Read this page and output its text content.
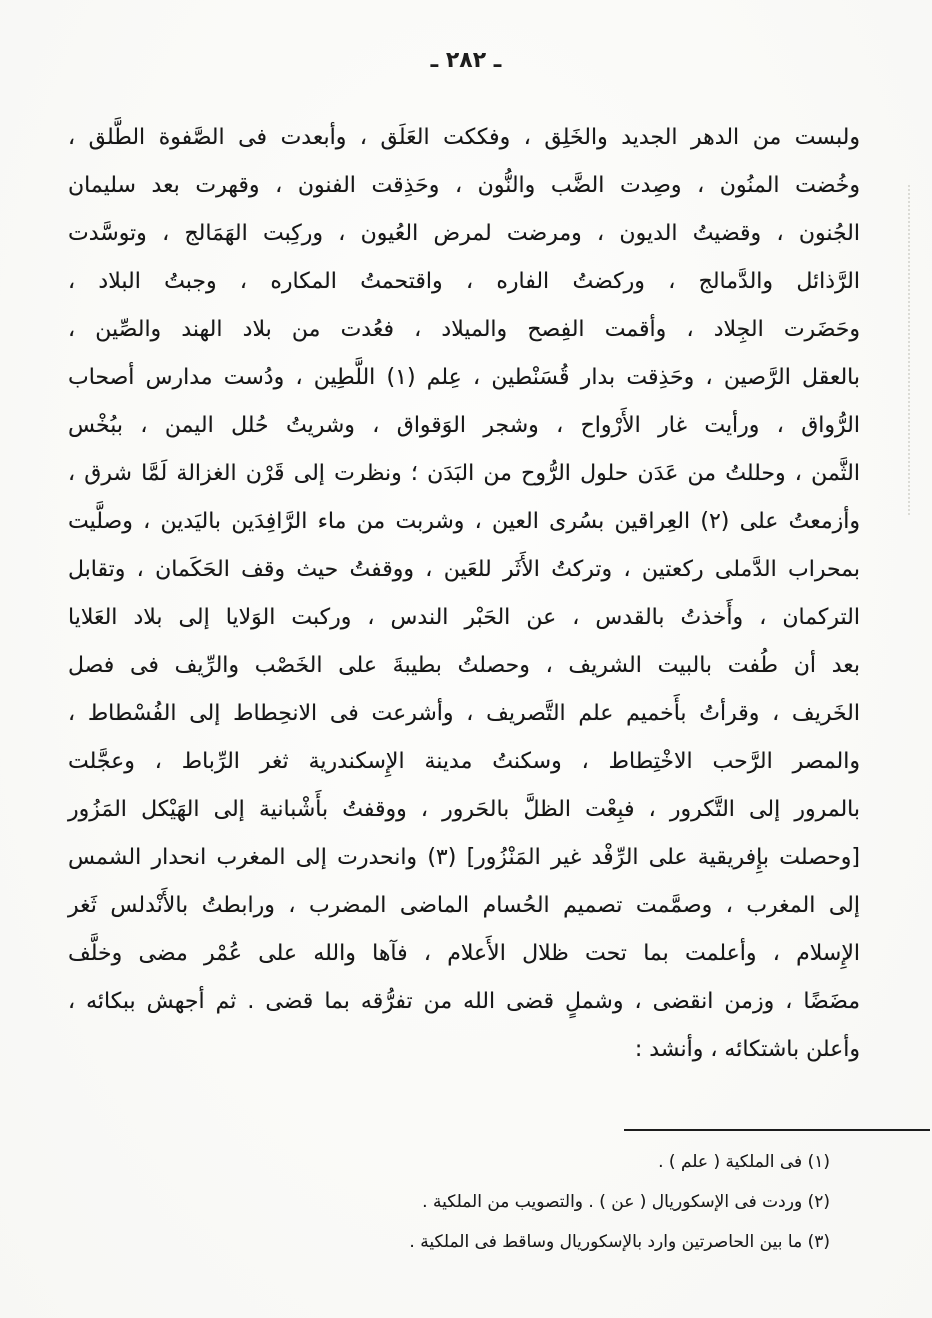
ـ ٢٨٢ ـ
ولبست من الدهر الجديد والخَلِق ، وفككت العَلَق ، وأبعدت فى الصَّفوة الطَّلق ،
وخُضت المنُون ، وصِدت الضَّب والنُّون ، وحَذِقت الفنون ، وقهرت بعد سليمان
الجُنون ، وقضيتُ الديون ، ومرضت لمرض العُيون ، وركِبت الهَمَالج ، وتوسَّدت
الرَّذائل والدَّمالج ، وركضتُ الفاره ، واقتحمتُ المكاره ، وجبتُ البلاد ،
وحَضَرت الجِلاد ، وأقمت الفِصح والميلاد ، فعُدت من بلاد الهند والصِّين ،
بالعقل الرَّصين ، وحَذِقت بدار قُسَنْطين ، عِلم (١) اللَّطِين ، ودُست مدارس أصحاب
الرُّواق ، ورأيت غار الأَرْواح ، وشجر الوَقواق ، وشريتُ حُلل اليمن ، ببُخْس
الثَّمن ، وحللتُ من عَدَن حلول الرُّوح من البَدَن ؛ ونظرت إلى قَرْن الغزالة لَمَّا شرق ،
وأزمعتُ على (٢) العِراقين بسُرى العين ، وشربت من ماء الرَّافِدَين باليَدين ، وصلَّيت
بمحراب الدَّملى ركعتين ، وتركتُ الأَثَر للعَين ، ووقفتُ حيث وقف الحَكَمان ، وتقابل
التركمان ، وأَخذتُ بالقدس ، عن الحَبْر الندس ، وركبت الوَلايا إلى بلاد العَلايا
بعد أن طُفت بالبيت الشريف ، وحصلتُ بطيبةَ على الخَصْب والرِّيف فى فصل
الخَريف ، وقرأتُ بأَخميم علم التَّصريف ، وأشرعت فى الانحِطاط إلى الفُسْطاط ،
والمصر الرَّحب الاخْتِطاط ، وسكنتُ مدينة الإِسكندرية ثغر الرِّباط ، وعجَّلت
بالمرور إلى التَّكرور ، فبِعْت الظلَّ بالحَرور ، ووقفتُ بأَشْبانية إلى الهَيْكل المَزُور
[وحصلت بإِفريقية على الرِّفْد غير المَنْزُور] (٣) وانحدرت إلى المغرب انحدار الشمس
إلى المغرب ، وصمَّمت تصميم الحُسام الماضى المضرب ، ورابطتُ بالأَنْدلس ثَغر
الإِسلام ، وأعلمت بما تحت ظلال الأَعلام ، فآها والله على عُمْر مضى وخلَّف
مضَضًا ، وزمن انقضى ، وشملٍ قضى الله من تفرُّقه بما قضى . ثم أجهش ببكائه ،
وأعلن باشتكائه ، وأنشد :
(١) فى الملكية ( علم ) .
(٢) وردت فى الإسكوريال ( عن ) . والتصويب من الملكية .
(٣) ما بين الحاصرتين وارد بالإسكوريال وساقط فى الملكية .
